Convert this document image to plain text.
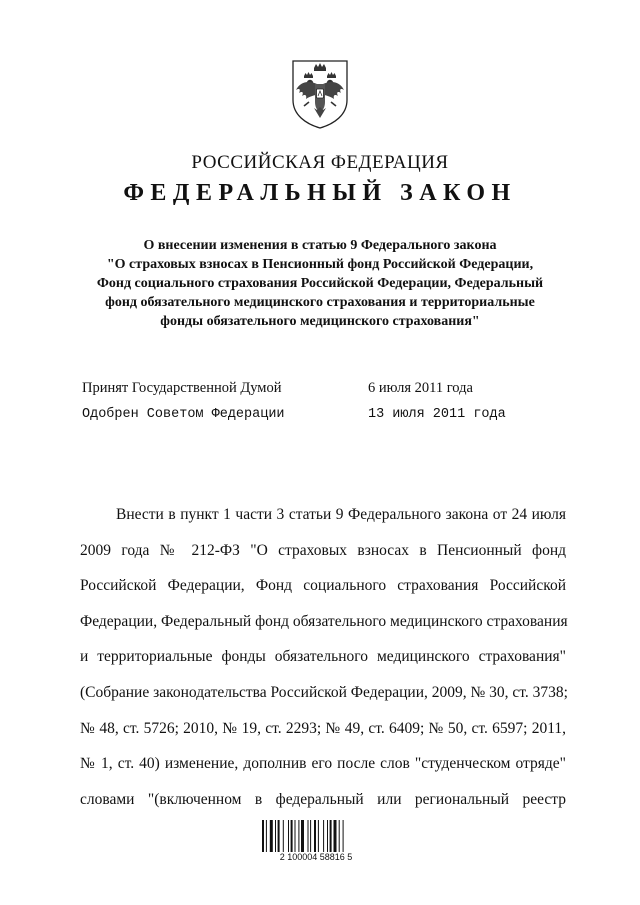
РОССИЙСКАЯ ФЕДЕРАЦИЯ
ФЕДЕРАЛЬНЫЙ ЗАКОН
О внесении изменения в статью 9 Федерального закона
"О страховых взносах в Пенсионный фонд Российской Федерации,
Фонд социального страхования Российской Федерации, Федеральный
фонд обязательного медицинского страхования и территориальные
фонды обязательного медицинского страхования"
Принят Государственной Думой	6 июля 2011 года
Одобрен Советом Федерации	13 июля 2011 года
Внести в пункт 1 части 3 статьи 9 Федерального закона от 24 июля
2009 года № 212-ФЗ "О страховых взносах в Пенсионный фонд
Российской Федерации, Фонд социального страхования Российской
Федерации, Федеральный фонд обязательного медицинского страхования
и территориальные фонды обязательного медицинского страхования"
(Собрание законодательства Российской Федерации, 2009, № 30, ст. 3738;
№ 48, ст. 5726; 2010, № 19, ст. 2293; № 49, ст. 6409; № 50, ст. 6597; 2011,
№ 1, ст. 40) изменение, дополнив его после слов "студенческом отряде"
словами "(включенном в федеральный или региональный реестр
2 100004 58816 5
